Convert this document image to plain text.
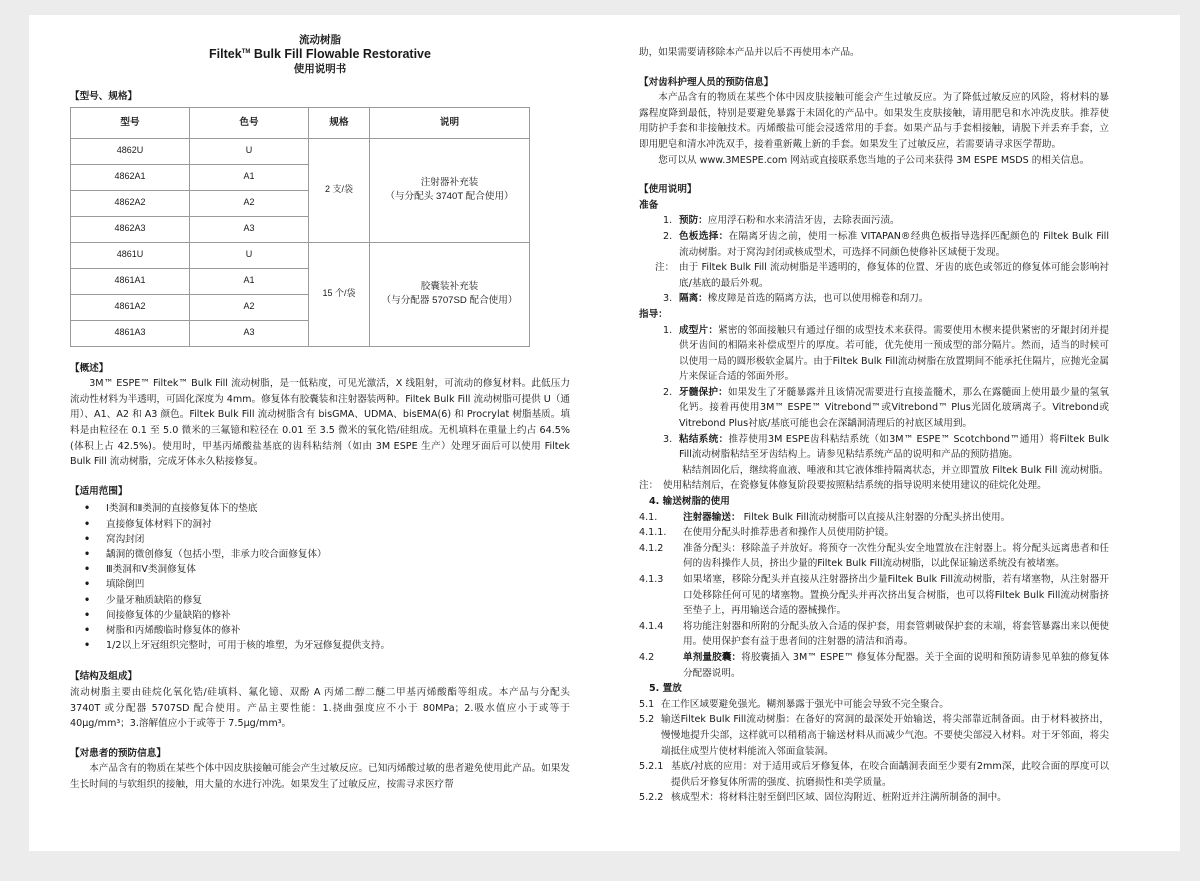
流动树脂
Filtek™ Bulk Fill Flowable Restorative
使用说明书
【型号、规格】
型号	色号	规格	说明
4862U	U	2 支/袋	注射器补充装
（与分配头 3740T 配合使用）
4862A1	A1		
4862A2	A2		
4862A3	A3		
4861U	U	15 个/袋	胶囊装补充装
（与分配器 5707SD 配合使用）
4861A1	A1		
4861A2	A2		
4861A3	A3		
【概述】

3M™ ESPE™ Filtek™ Bulk Fill 流动树脂，是一低粘度，可见光激活，X 线阻射，可流动的修复材料。此低压力流动性材料为半透明，可固化深度为 4mm。修复体有胶囊装和注射器装两种。Filtek Bulk Fill 流动树脂可提供 U（通用）、A1、A2 和 A3 颜色。Filtek Bulk Fill 流动树脂含有 bisGMA、UDMA、bisEMA(6) 和 Procrylat 树脂基质。填料是由粒径在 0.1 至 5.0 微米的三氟镱和粒径在 0.01 至 3.5 微米的氧化锆/硅组成。无机填料在重量上约占 64.5%(体积上占 42.5%)。使用时，甲基丙烯酸盐基底的齿科粘结剂（如由 3M ESPE 生产）处理牙面后可以使用 Filtek Bulk Fill 流动树脂，完成牙体永久粘接修复。

【适用范围】
• Ⅰ类洞和Ⅱ类洞的直接修复体下的垫底
• 直接修复体材料下的洞衬
• 窝沟封闭
• 龋洞的微创修复（包括小型，非承力咬合面修复体）
• Ⅲ类洞和Ⅴ类洞修复体
• 填除倒凹
• 少量牙釉质缺陷的修复
• 间接修复体的少量缺陷的修补
• 树脂和丙烯酸临时修复体的修补
• 1/2以上牙冠组织完整时，可用于核的堆塑，为牙冠修复提供支持。
【结构及组成】

流动树脂主要由硅烷化氧化锆/硅填料、氟化镱、双酚 A 丙烯二醇二醚二甲基丙烯酸酯等组成。本产品与分配头 3740T 或分配器 5707SD 配合使用。产品主要性能：1.挠曲强度应不小于 80MPa；2.吸水值应小于或等于 40μg/mm³；3.溶解值应小于或等于 7.5μg/mm³。

【对患者的预防信息】

本产品含有的物质在某些个体中因皮肤接触可能会产生过敏反应。已知丙烯酸过敏的患者避免使用此产品。如果发生长时间的与软组织的接触，用大量的水进行冲洗。如果发生了过敏反应，按需寻求医疗帮

助，如果需要请移除本产品并以后不再使用本产品。

【对齿科护理人员的预防信息】

本产品含有的物质在某些个体中因皮肤接触可能会产生过敏反应。为了降低过敏反应的风险，将材料的暴露程度降到最低，特别是要避免暴露于未固化的产品中。如果发生皮肤接触，请用肥皂和水冲洗皮肤。推荐使用防护手套和非接触技术。丙烯酸盐可能会浸透常用的手套。如果产品与手套相接触，请脱下并丢弃手套，立即用肥皂和清水冲洗双手，接着重新戴上新的手套。如果发生了过敏反应，若需要请寻求医学帮助。

您可以从 www.3MESPE.com 网站或直接联系您当地的子公司来获得 3M ESPE MSDS 的相关信息。

【使用说明】
准备
1. 预防：应用浮石粉和水来清洁牙齿，去除表面污渍。
2. 色板选择：在隔离牙齿之前，使用一标准 VITAPAN®经典色板指导选择匹配颜色的 Filtek Bulk Fill 流动树脂。对于窝沟封闭或核成型术，可选择不同颜色使修补区域便于发现。
注： 由于 Filtek Bulk Fill 流动树脂是半透明的，修复体的位置、牙齿的底色或邻近的修复体可能会影响衬底/基底的最后外观。
3. 隔离：橡皮障是首选的隔离方法，也可以使用棉卷和刮刀。
指导：
1. 成型片：紧密的邻面接触只有通过仔细的成型技术来获得。需要使用木楔来提供紧密的牙龈封闭并提供牙齿间的相隔来补偿成型片的厚度。若可能，优先使用一预成型的部分隔片。然而，适当的时候可以使用一局的圆形极软金属片。由于Filtek Bulk Fill流动树脂在放置期间不能承托住隔片，应抛光金属片来保证合适的邻面外形。
2. 牙髓保护：如果发生了牙髓暴露并且该情况需要进行直接盖髓术，那么在露髓面上使用最少量的氢氧化钙。接着再使用3M™ ESPE™ Vitrebond™或Vitrebond™ Plus光固化玻璃离子。Vitrebond或Vitrebond Plus衬底/基底可能也会在深龋洞清理后的衬底区域用到。
3. 粘结系统：推荐使用3M ESPE齿科粘结系统（如3M™ ESPE™ Scotchbond™通用）将Filtek Bulk Fill流动树脂粘结至牙齿结构上。请参见粘结系统产品的说明和产品的预防措施。
粘结剂固化后，继续将血液、唾液和其它液体维持隔离状态，并立即置放 Filtek Bulk Fill 流动树脂。
注： 使用粘结剂后，在瓷修复体修复阶段要按照粘结系统的指导说明来使用建议的硅烷化处理。
4. 输送树脂的使用
4.1.	注射器输送： Filtek Bulk Fill流动树脂可以直接从注射器的分配头挤出使用。
4.1.1. 在使用分配头时推荐患者和操作人员使用防护镜。
4.1.2 准备分配头：移除盖子并放好。将预夺一次性分配头安全地置放在注射器上。将分配头远离患者和任何的齿科操作人员，挤出少量的Filtek Bulk Fill流动树脂，以此保证输送系统没有被堵塞。
4.1.3 如果堵塞，移除分配头并直接从注射器挤出少量Filtek Bulk Fill流动树脂，若有堵塞物，从注射器开口处移除任何可见的堵塞物。置换分配头并再次挤出复合树脂，也可以将Filtek Bulk Fill流动树脂挤至垫子上，再用输送合适的器械操作。
4.1.4 将功能注射器和所附的分配头放入合适的保护套，用套管刺破保护套的末端，将套管暴露出来以便使用。使用保护套有益于患者间的注射器的清洁和消毒。
4.2	单剂量胶囊：将胶囊插入 3M™ ESPE™ 修复体分配器。关于全面的说明和预防请参见单独的修复体分配器说明。
5. 置放
5.1 在工作区域要避免强光。糊剂暴露于强光中可能会导致不完全聚合。
5.2 输送Filtek Bulk Fill流动树脂：在备好的窝洞的最深处开始输送，将尖部靠近制备面。由于材料被挤出，慢慢地提升尖部，这样就可以稍稍高于输送材料从而减少气泡。不要使尖部浸入材料。对于牙邻面，将尖端抵住成型片使材料能流入邻面盒装洞。
5.2.1 基底/衬底的应用：对于适用或后牙修复体，在咬合面龋洞表面至少要有2mm深，此咬合面的厚度可以提供后牙修复体所需的强度、抗磨损性和美学质量。
5.2.2 核成型术：将材料注射至倒凹区域、固位沟附近、桩附近并注满所制备的洞中。
